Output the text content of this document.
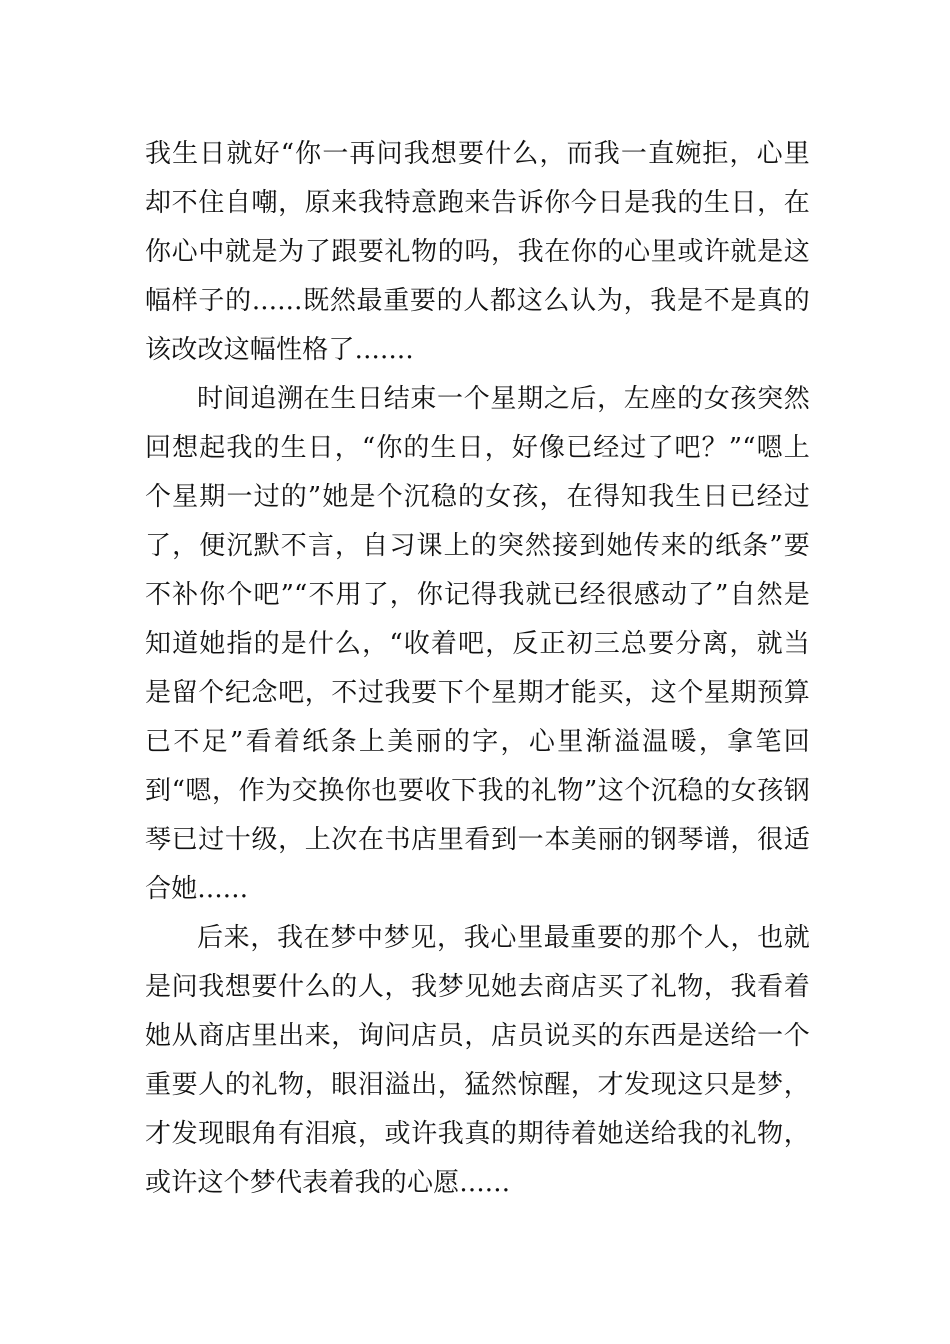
我生日就好“你一再问我想要什么，而我一直婉拒，心里却不住自嘲，原来我特意跑来告诉你今日是我的生日，在你心中就是为了跟要礼物的吗，我在你的心里或许就是这幅样子的......既然最重要的人都这么认为，我是不是真的该改改这幅性格了.......

时间追溯在生日结束一个星期之后，左座的女孩突然回想起我的生日，“你的生日，好像已经过了吧？”“嗯上个星期一过的”她是个沉稳的女孩，在得知我生日已经过了，便沉默不言，自习课上的突然接到她传来的纸条”要不补你个吧”“不用了，你记得我就已经很感动了”自然是知道她指的是什么，“收着吧，反正初三总要分离，就当是留个纪念吧，不过我要下个星期才能买，这个星期预算已不足”看着纸条上美丽的字，心里渐溢温暖，拿笔回到“嗯，作为交换你也要收下我的礼物”这个沉稳的女孩钢琴已过十级，上次在书店里看到一本美丽的钢琴谱，很适合她......

后来，我在梦中梦见，我心里最重要的那个人，也就是问我想要什么的人，我梦见她去商店买了礼物，我看着她从商店里出来，询问店员，店员说买的东西是送给一个重要人的礼物，眼泪溢出，猛然惊醒，才发现这只是梦，才发现眼角有泪痕，或许我真的期待着她送给我的礼物，或许这个梦代表着我的心愿......
